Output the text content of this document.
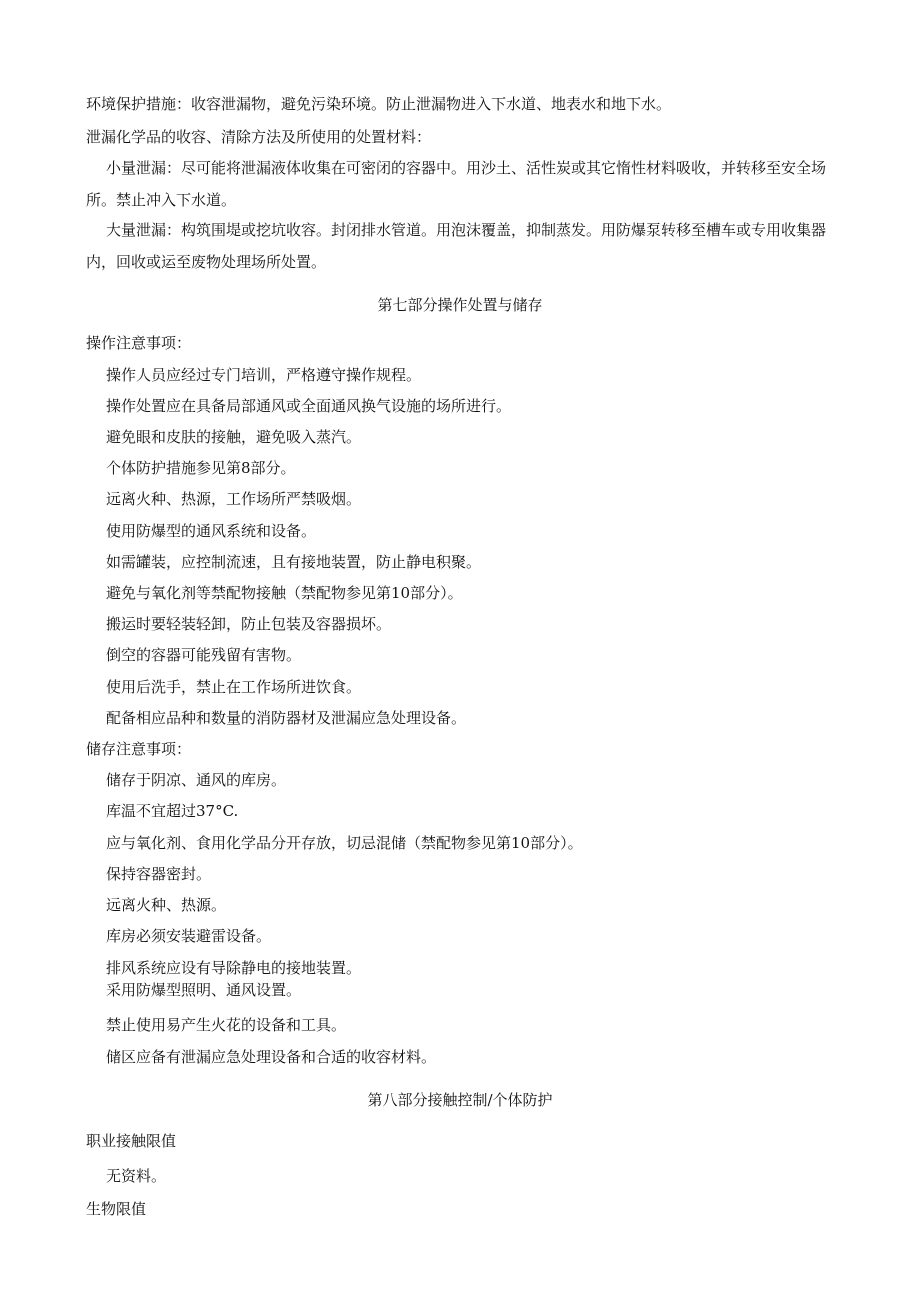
环境保护措施：收容泄漏物，避免污染环境。防止泄漏物进入下水道、地表水和地下水。

泄漏化学品的收容、清除方法及所使用的处置材料：

小量泄漏：尽可能将泄漏液体收集在可密闭的容器中。用沙土、活性炭或其它惰性材料吸收，并转移至安全场所。禁止冲入下水道。

大量泄漏：构筑围堤或挖坑收容。封闭排水管道。用泡沫覆盖，抑制蒸发。用防爆泵转移至槽车或专用收集器内，回收或运至废物处理场所处置。

第七部分操作处置与储存

操作注意事项：

操作人员应经过专门培训，严格遵守操作规程。

操作处置应在具备局部通风或全面通风换气设施的场所进行。

避免眼和皮肤的接触，避免吸入蒸汽。

个体防护措施参见第8部分。

远离火种、热源，工作场所严禁吸烟。

使用防爆型的通风系统和设备。

如需罐装，应控制流速，且有接地装置，防止静电积聚。

避免与氧化剂等禁配物接触（禁配物参见第10部分）。

搬运时要轻装轻卸，防止包装及容器损坏。

倒空的容器可能残留有害物。

使用后洗手，禁止在工作场所进饮食。

配备相应品种和数量的消防器材及泄漏应急处理设备。

储存注意事项：

储存于阴凉、通风的库房。

库温不宜超过37°C.

应与氧化剂、食用化学品分开存放，切忌混储（禁配物参见第10部分）。

保持容器密封。

远离火种、热源。

库房必须安装避雷设备。

排风系统应设有导除静电的接地装置。

采用防爆型照明、通风设置。

禁止使用易产生火花的设备和工具。

储区应备有泄漏应急处理设备和合适的收容材料。

第八部分接触控制/个体防护

职业接触限值

无资料。

生物限值
